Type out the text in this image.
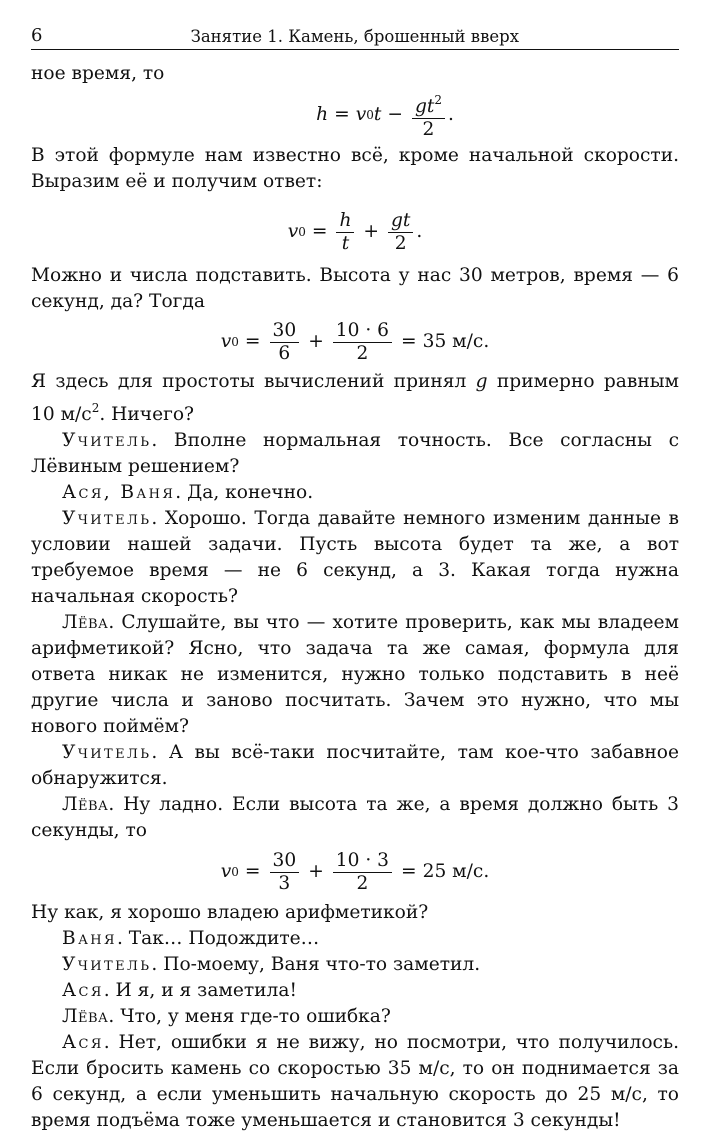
6	Занятие 1. Камень, брошенный вверх

ное время, то

h = v 0 $t - \frac{gt^2}{2}$ .

В этой формуле нам известно всё, кроме начальной скорости. Выразим её и получим ответ:

v $0 = \frac{h}{t} + \frac{gt}{2}$ .

Можно и числа подставить. Высота у нас 30 метров, время — 6 секунд, да? Тогда

v $0 = \frac{30}{6} + \frac{10 \cdot 6}{2} = 35$ м/с.

Я здесь для простоты вычислений принял g примерно равным 10 $м/с^2$. Ничего?

Учитель. Вполне нормальная точность. Все согласны с Лёвиным решением?

Ася, Ваня. Да, конечно.

Учитель. Хорошо. Тогда давайте немного изменим данные в условии нашей задачи. Пусть высота будет та же, а вот требуемое время — не 6 секунд, а 3. Какая тогда нужна начальная скорость?

Лёва. Слушайте, вы что — хотите проверить, как мы владеем арифметикой? Ясно, что задача та же самая, формула для ответа никак не изменится, нужно только подставить в неё другие числа и заново посчитать. Зачем это нужно, что мы нового поймём?

Учитель. А вы всё-таки посчитайте, там кое-что забавное обнаружится.

Лёва. Ну ладно. Если высота та же, а время должно быть 3 секунды, то

v $0 = \frac{30}{3} + \frac{10 \cdot 3}{2} = 25$ м/с.

Ну как, я хорошо владею арифметикой?

Ваня. Так… Подождите…

Учитель. По-моему, Ваня что-то заметил.

Ася. И я, и я заметила!

Лёва. Что, у меня где-то ошибка?

Ася. Нет, ошибки я не вижу, но посмотри, что получилось. Если бросить камень со скоростью 35 м/с, то он поднимается за 6 секунд, а если уменьшить начальную скорость до 25 м/с, то время подъёма тоже уменьшается и становится 3 секунды!
